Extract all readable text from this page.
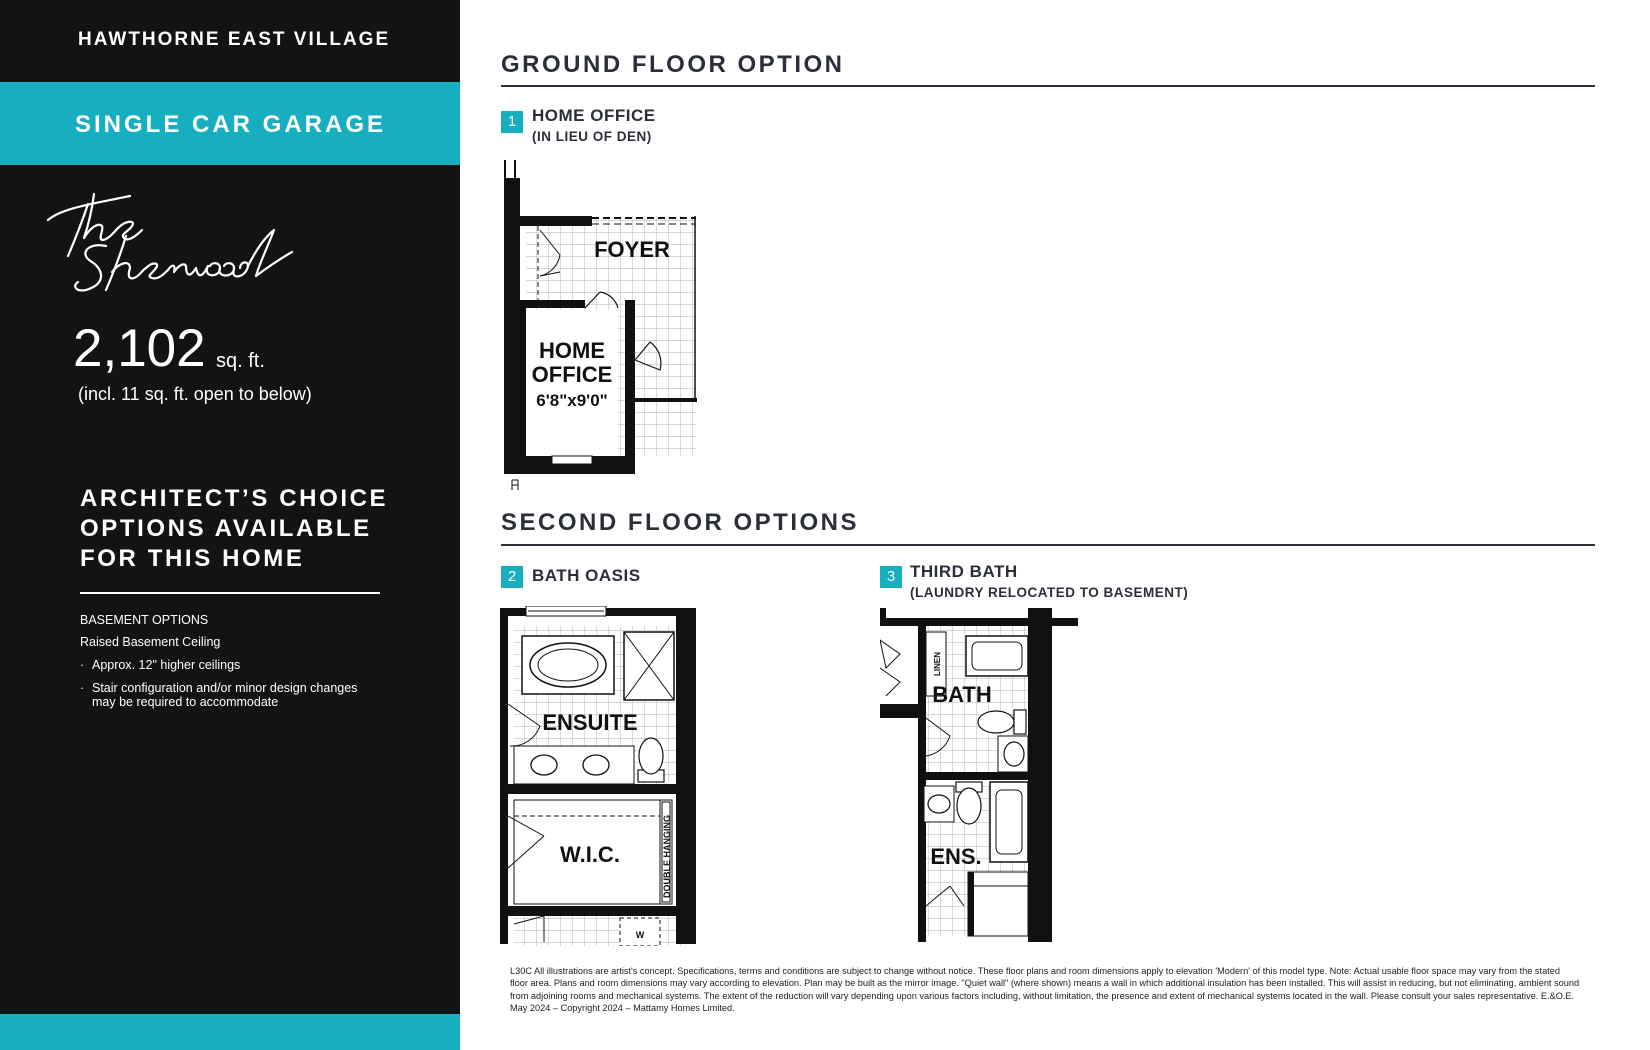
HAWTHORNE EAST VILLAGE
SINGLE CAR GARAGE
2,102 sq. ft.
(incl. 11 sq. ft. open to below)
ARCHITECT’S CHOICE OPTIONS AVAILABLE FOR THIS HOME
BASEMENT OPTIONS
Raised Basement Ceiling
· Approx. 12" higher ceilings
· Stair configuration and/or minor design changes may be required to accommodate
GROUND FLOOR OPTION
1 HOME OFFICE
(IN LIEU OF DEN)
FOYER
HOME
OFFICE
6'8"x9'0"
SECOND FLOOR OPTIONS
2 BATH OASIS	3 THIRD BATH
(LAUNDRY RELOCATED TO BASEMENT)
ENSUITE
W.I.C.	DOUBLE HANGING
W
LINEN
BATH
ENS.
L30C All illustrations are artist's concept. Specifications, terms and conditions are subject to change without notice. These floor plans and room dimensions apply to elevation 'Modern' of this model type. Note: Actual usable floor space may vary from the stated floor area. Plans and room dimensions may vary according to elevation. Plan may be built as the mirror image. "Quiet wall" (where shown) means a wall in which additional insulation has been installed. This will assist in reducing, but not eliminating, ambient sound from adjoining rooms and mechanical systems. The extent of the reduction will vary depending upon various factors including, without limitation, the presence and extent of mechanical systems located in the wall. Please consult your sales representative. E.&O.E. May 2024 – Copyright 2024 – Mattamy Homes Limited.
